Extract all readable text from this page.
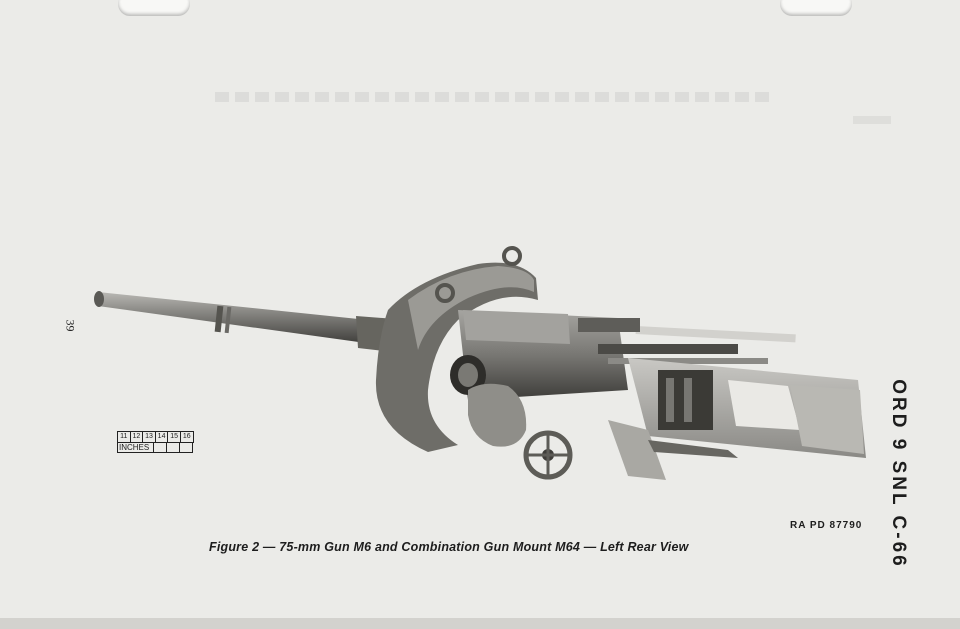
39
ORD 9 SNL C-66
11 12 13 14 15 16
INCHES
RA PD 87790
Figure 2 — 75-mm Gun M6 and Combination Gun Mount M64 — Left Rear View
